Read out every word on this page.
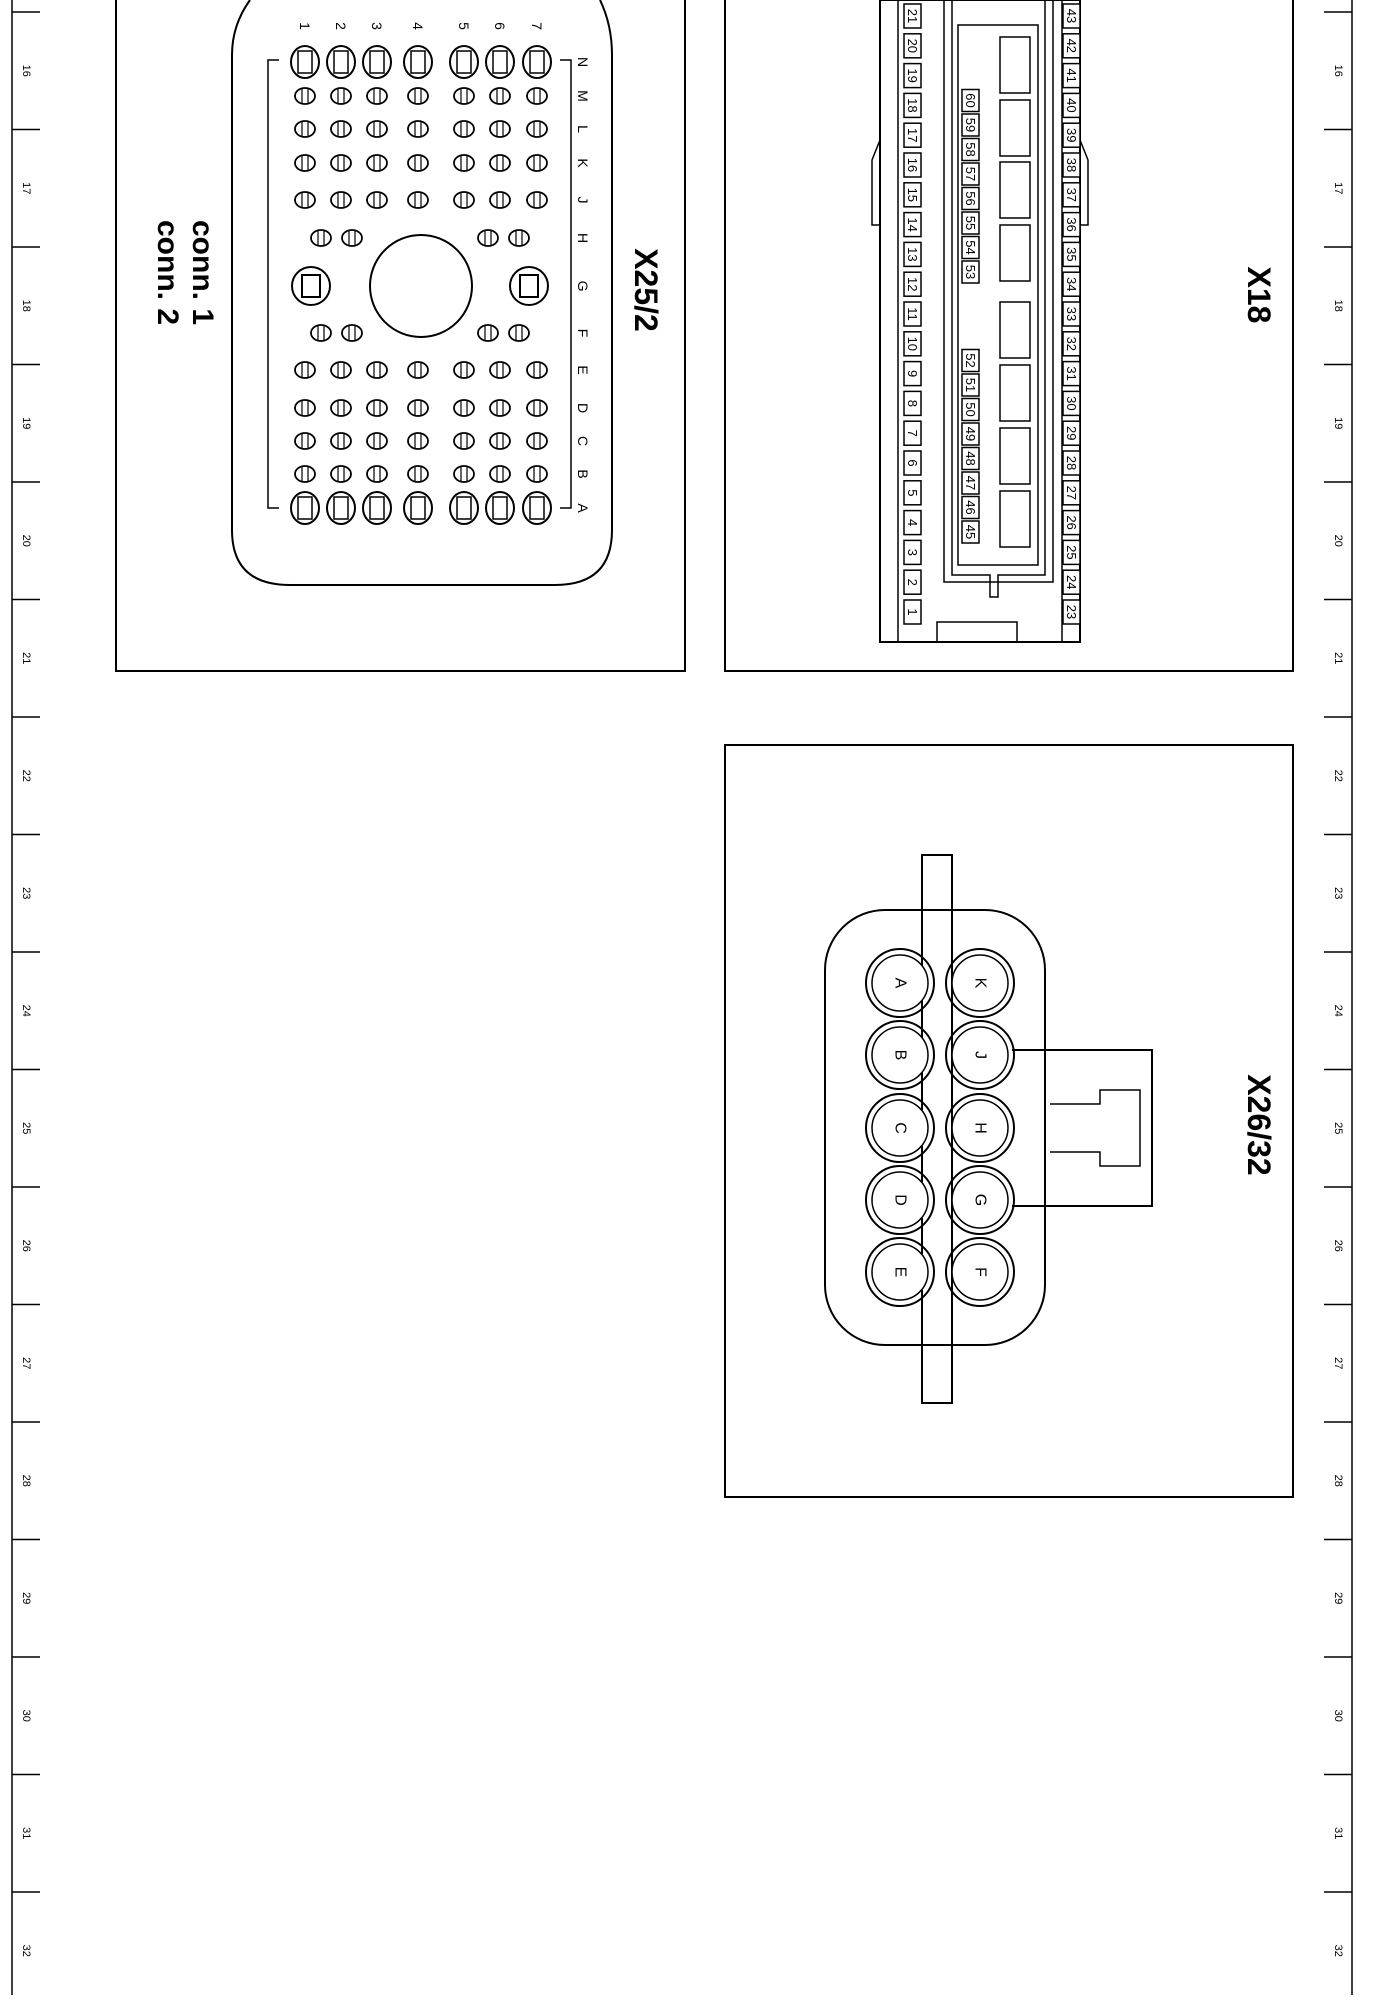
16	16
17	17
18	18
19	19
20	20
21	21
22	22
23	23
24	24
25	25
26	26
27	27
28	28
29	29
30	30
31	31
32	32
N
M
L
K
J
H
G
F
E
D
C
B
A
1 2 3 4 5 6 7
X25/2
conn. 1
conn. 2
1
2
3
4
5
6
7
8
9
10
11
12
13
14
15
16
17
18
19
20
21
23
24
25
26
27
28
29
30
31
32
33
34
35
36
37
38
39
40
41
42
43
45
46
47
48
49
50
51
52
53
54
55
56
57
58
59
60
X18
A
B
C
D
E
K
J
H
G
F
X26/32
